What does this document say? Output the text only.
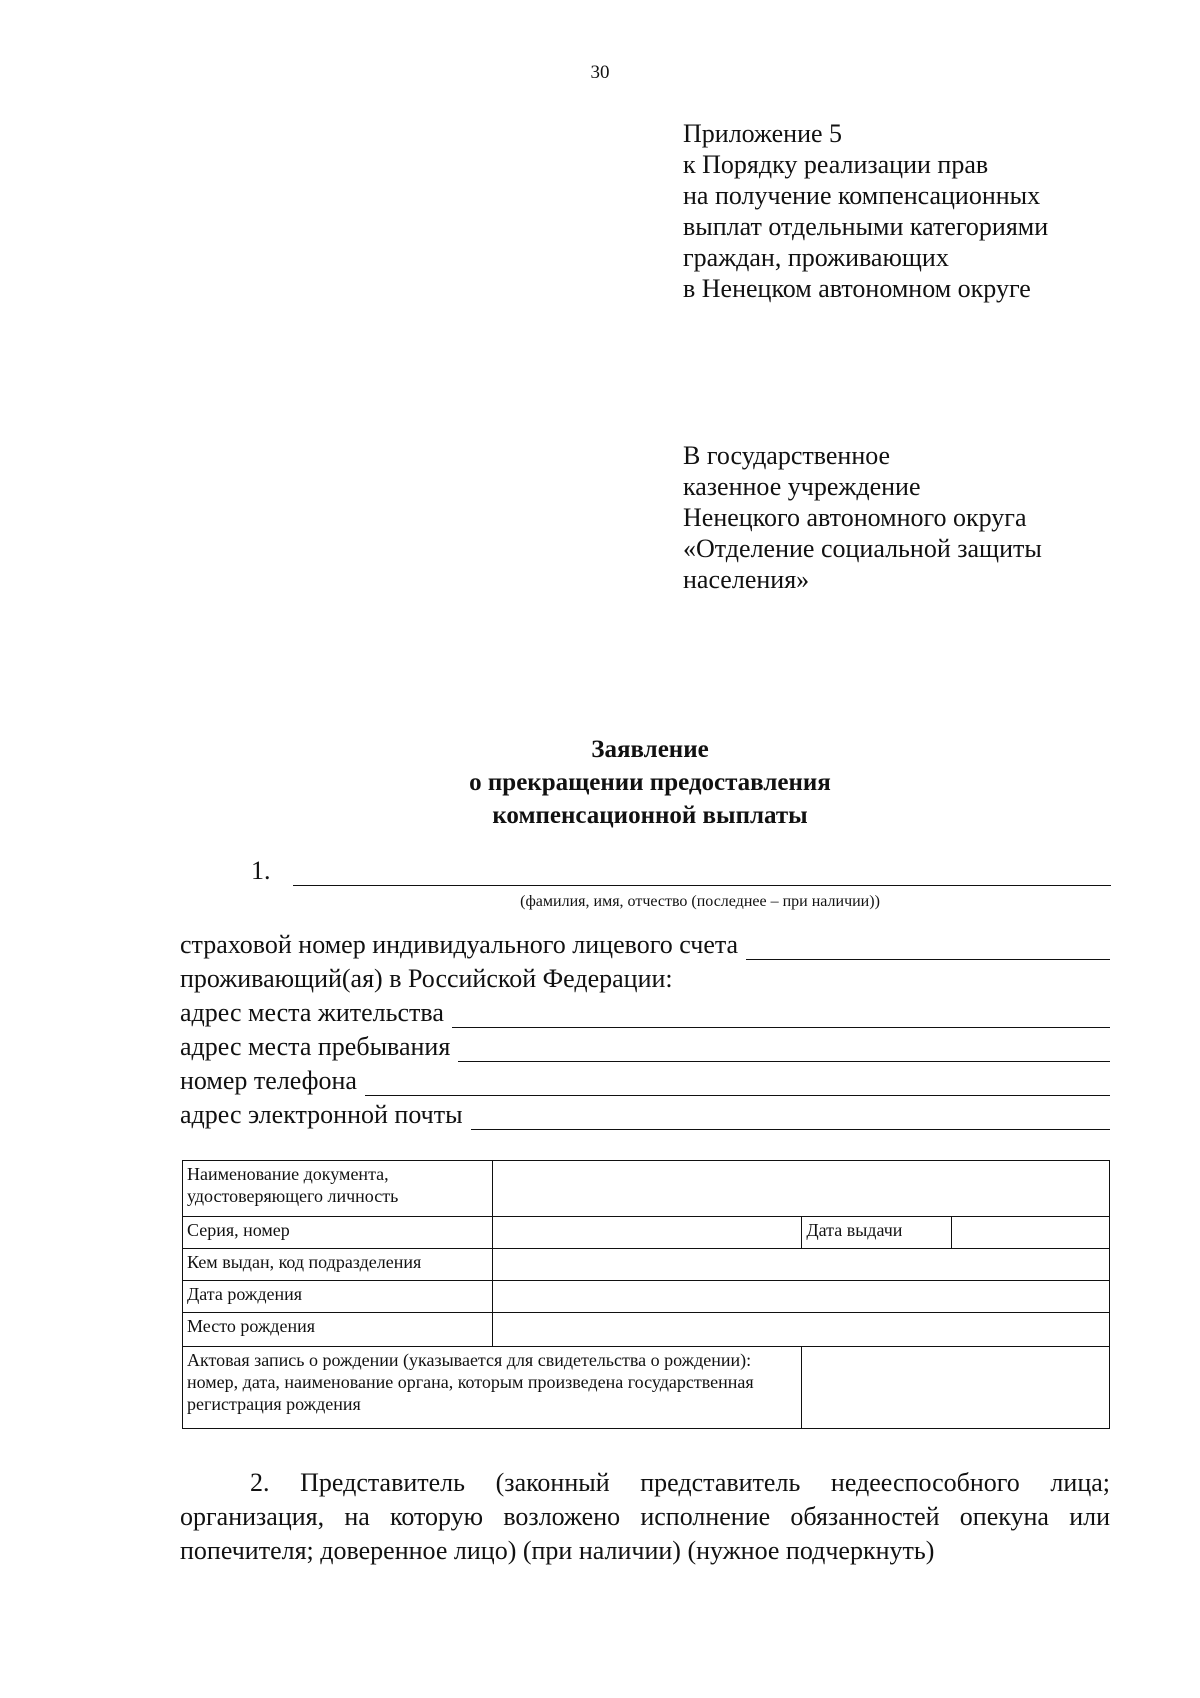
30
Приложение 5
к Порядку реализации прав
на получение компенсационных
выплат отдельными категориями
граждан, проживающих
в Ненецком автономном округе
В государственное
казенное учреждение
Ненецкого автономного округа
«Отделение социальной защиты
населения»
Заявление
о прекращении предоставления
компенсационной выплаты
1.
(фамилия, имя, отчество (последнее – при наличии))
страховой номер индивидуального лицевого счета
проживающий(ая) в Российской Федерации:
адрес места жительства
адрес места пребывания
номер телефона
адрес электронной почты
Наименование документа, удостоверяющего личность			
Серия, номер		Дата выдачи	
Кем выдан, код подразделения			
Дата рождения			
Место рождения			
Актовая запись о рождении (указывается для свидетельства о рождении): номер, дата, наименование органа, которым произведена государственная регистрация рождения			
2. Представитель (законный представитель недееспособного лица; организация, на которую возложено исполнение обязанностей опекуна или попечителя; доверенное лицо) (при наличии) (нужное подчеркнуть)
